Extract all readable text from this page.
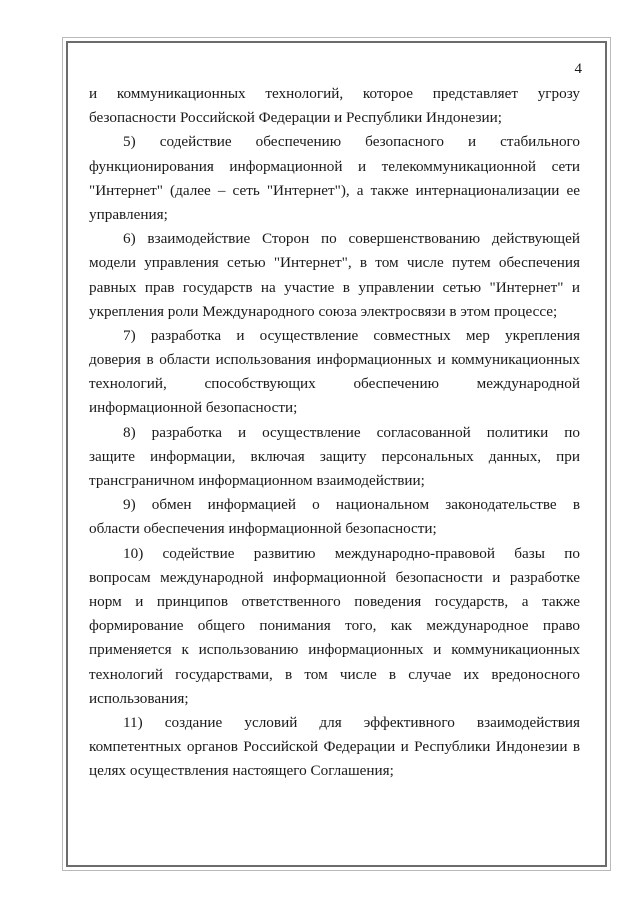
4
и коммуникационных технологий, которое представляет угрозу
безопасности Российской Федерации и Республики Индонезии;
5) содействие обеспечению безопасного и стабильного
функционирования информационной и телекоммуникационной сети
"Интернет" (далее – сеть "Интернет"), а также интернационализации ее
управления;
6) взаимодействие Сторон по совершенствованию действующей
модели управления сетью "Интернет", в том числе путем обеспечения
равных прав государств на участие в управлении сетью "Интернет" и
укрепления роли Международного союза электросвязи в этом процессе;
7) разработка и осуществление совместных мер укрепления
доверия в области использования информационных и коммуникационных
технологий, способствующих обеспечению международной
информационной безопасности;
8) разработка и осуществление согласованной политики по
защите информации, включая защиту персональных данных, при
трансграничном информационном взаимодействии;
9) обмен информацией о национальном законодательстве в
области обеспечения информационной безопасности;
10) содействие развитию международно-правовой базы по
вопросам международной информационной безопасности и разработке
норм и принципов ответственного поведения государств, а также
формирование общего понимания того, как международное право
применяется к использованию информационных и коммуникационных
технологий государствами, в том числе в случае их вредоносного
использования;
11) создание условий для эффективного взаимодействия
компетентных органов Российской Федерации и Республики Индонезии в
целях осуществления настоящего Соглашения;
